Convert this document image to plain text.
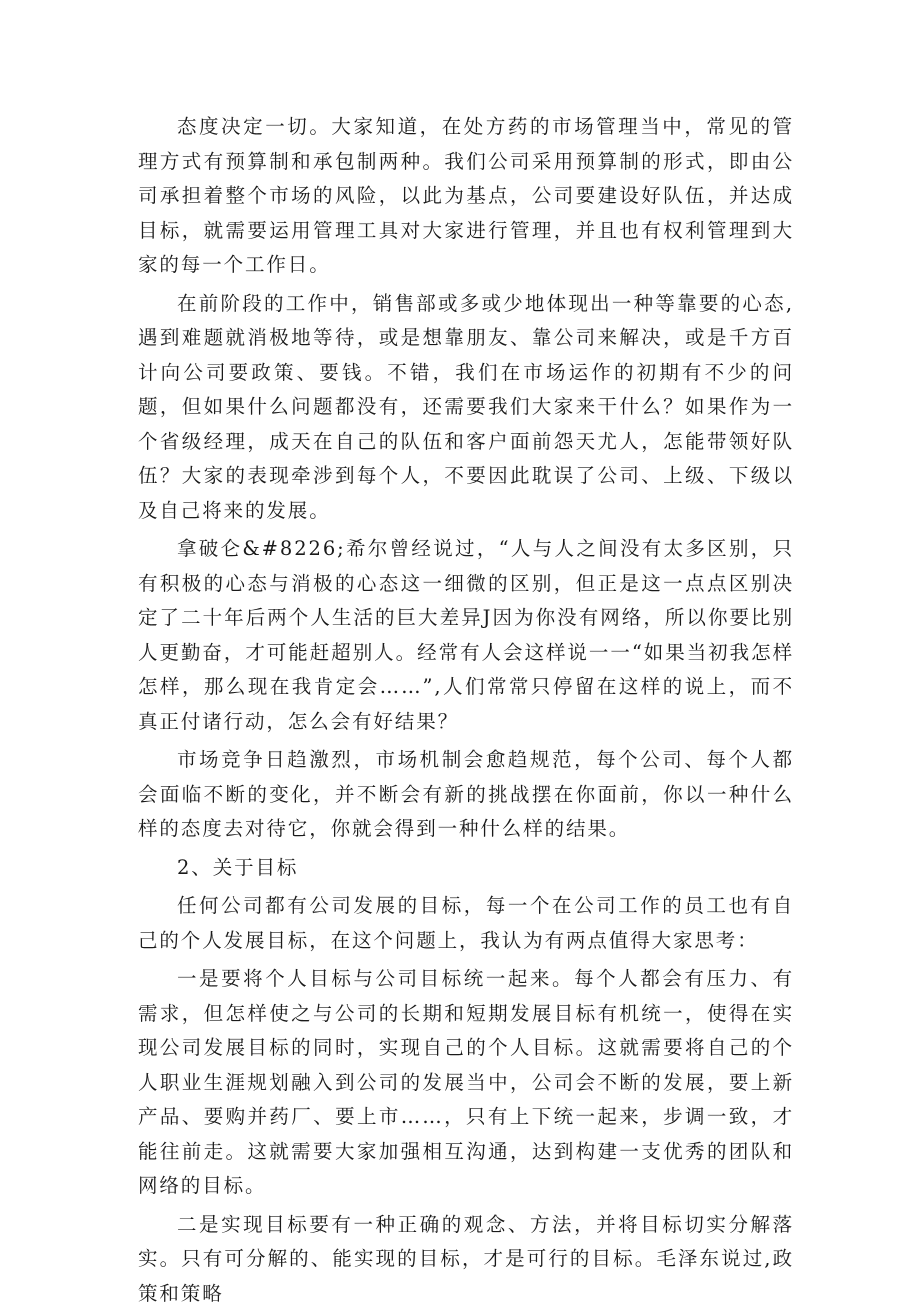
态度决定一切。大家知道，在处方药的市场管理当中，常见的管理方式有预算制和承包制两种。我们公司采用预算制的形式，即由公司承担着整个市场的风险，以此为基点，公司要建设好队伍，并达成目标，就需要运用管理工具对大家进行管理，并且也有权利管理到大家的每一个工作日。

在前阶段的工作中，销售部或多或少地体现出一种等靠要的心态,遇到难题就消极地等待，或是想靠朋友、靠公司来解决，或是千方百计向公司要政策、要钱。不错，我们在市场运作的初期有不少的问题，但如果什么问题都没有，还需要我们大家来干什么？如果作为一个省级经理，成天在自己的队伍和客户面前怨天尤人，怎能带领好队伍？大家的表现牵涉到每个人，不要因此耽误了公司、上级、下级以及自己将来的发展。

拿破仑&#8226;希尔曾经说过，“人与人之间没有太多区别，只有积极的心态与消极的心态这一细微的区别，但正是这一点点区别决定了二十年后两个人生活的巨大差异J因为你没有网络，所以你要比别人更勤奋，才可能赶超别人。经常有人会这样说一一“如果当初我怎样怎样，那么现在我肯定会……”,人们常常只停留在这样的说上，而不真正付诸行动，怎么会有好结果？

市场竞争日趋激烈，市场机制会愈趋规范，每个公司、每个人都会面临不断的变化，并不断会有新的挑战摆在你面前，你以一种什么样的态度去对待它，你就会得到一种什么样的结果。

2、关于目标

任何公司都有公司发展的目标，每一个在公司工作的员工也有自己的个人发展目标，在这个问题上，我认为有两点值得大家思考：

一是要将个人目标与公司目标统一起来。每个人都会有压力、有需求，但怎样使之与公司的长期和短期发展目标有机统一，使得在实现公司发展目标的同时，实现自己的个人目标。这就需要将自己的个人职业生涯规划融入到公司的发展当中，公司会不断的发展，要上新产品、要购并药厂、要上市……，只有上下统一起来，步调一致，才能往前走。这就需要大家加强相互沟通，达到构建一支优秀的团队和网络的目标。

二是实现目标要有一种正确的观念、方法，并将目标切实分解落实。只有可分解的、能实现的目标，才是可行的目标。毛泽东说过,政策和策略
